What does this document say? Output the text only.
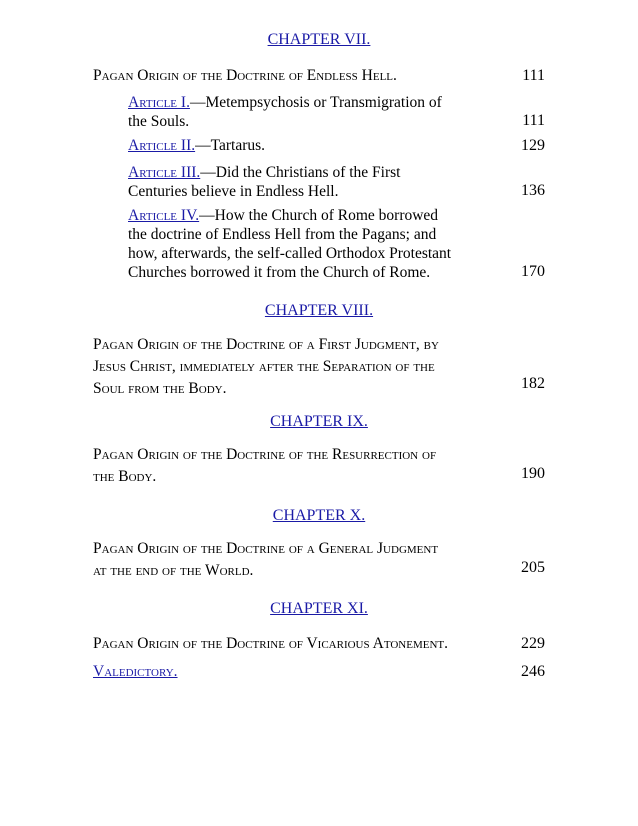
CHAPTER VII.
Pagan Origin of the Doctrine of Endless Hell.	111
Article I.—Metempsychosis or Transmigration of
the Souls.	111
Article II.—Tartarus.	129
Article III.—Did the Christians of the First
Centuries believe in Endless Hell.	136
Article IV.—How the Church of Rome borrowed
the doctrine of Endless Hell from the Pagans; and
how, afterwards, the self-called Orthodox Protestant
Churches borrowed it from the Church of Rome.	170
CHAPTER VIII.
Pagan Origin of the Doctrine of a First Judgment, by
Jesus Christ, immediately after the Separation of the
Soul from the Body.	182
CHAPTER IX.
Pagan Origin of the Doctrine of the Resurrection of
the Body.	190
CHAPTER X.
Pagan Origin of the Doctrine of a General Judgment
at the end of the World.	205
CHAPTER XI.
Pagan Origin of the Doctrine of Vicarious Atonement.	229
Valedictory.	246
